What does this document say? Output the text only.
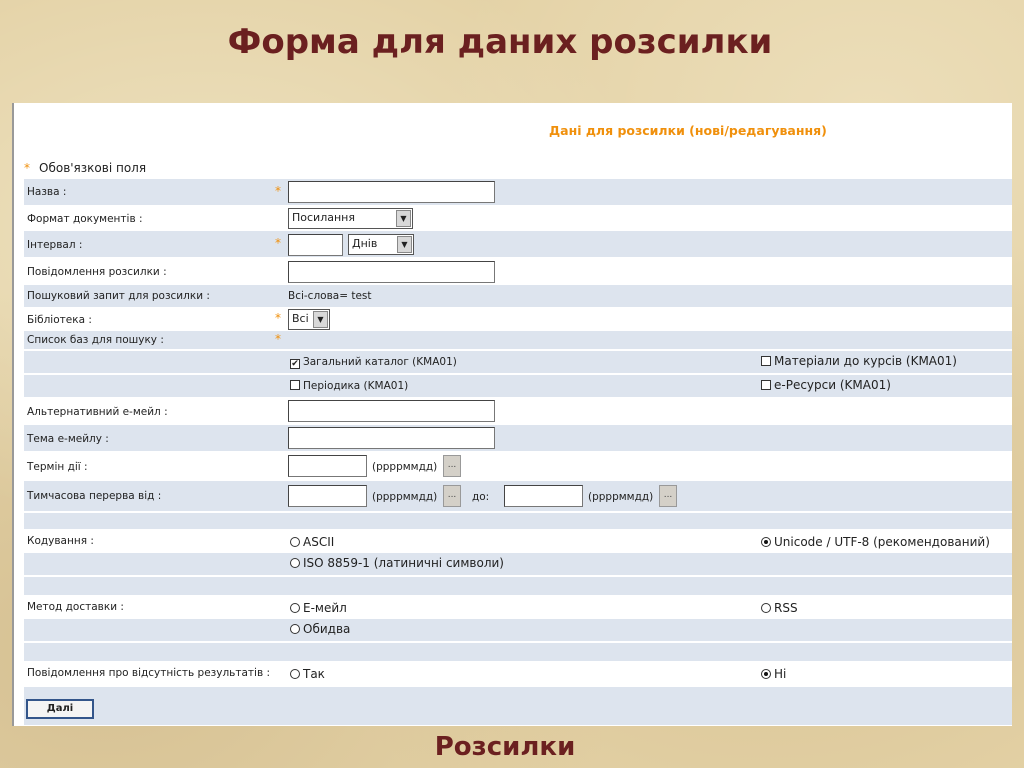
Форма для даних розсилки
Дані для розсилки (нові/редагування)
* Обов'язкові поля
Назва :	*
Формат документів :	Посилання	▼
Інтервал :	*	Днів	▼
Повідомлення розсилки :
Пошуковий запит для розсилки :	Всі-слова= test
Бібліотека :	*	Всі	▼
Список баз для пошуку :	*
✔ Загальний каталог (KMA01)	Матеріали до курсів (KMA01)
Періодика (KMA01)	е-Ресурси (KMA01)
Альтернативний е-мейл :
Тема е-мейлу :
Термін дії :	(ррррммдд)	...
Тимчасова перерва від :	(ррррммдд)	...	до:	(ррррммдд)	...
Кодування :	ASCII	Unicode / UTF-8 (рекомендований)
ISO 8859-1 (латиничні символи)
Метод доставки :	Е-мейл	RSS
Обидва
Повідомлення про відсутність результатів :	Так	Ні
Далі
Розсилки
